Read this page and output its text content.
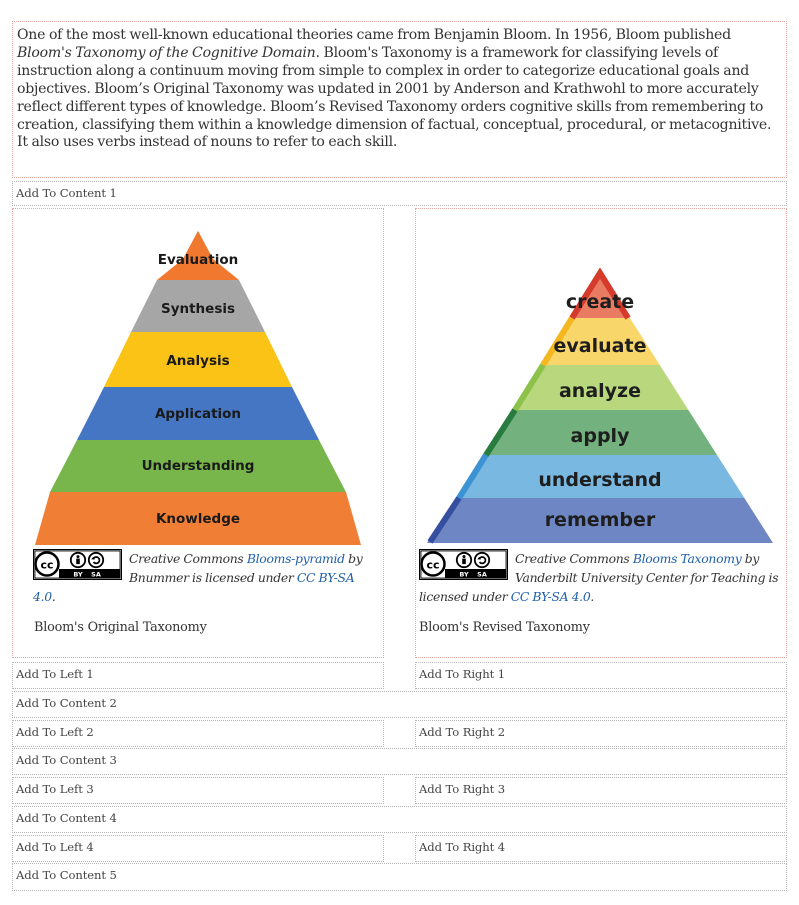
One of the most well-known educational theories came from Benjamin Bloom. In 1956, Bloom published Bloom's Taxonomy of the Cognitive Domain. Bloom's Taxonomy is a framework for classifying levels of instruction along a continuum moving from simple to complex in order to categorize educational goals and objectives. Bloom’s Original Taxonomy was updated in 2001 by Anderson and Krathwohl to more accurately reflect different types of knowledge. Bloom’s Revised Taxonomy orders cognitive skills from remembering to creation, classifying them within a knowledge dimension of factual, conceptual, procedural, or metacognitive. It also uses verbs instead of nouns to refer to each skill.

Add To Content 1
Evaluation
Synthesis
Analysis
Application
Understanding
Knowledge
cc
BY SA
Creative Commons Blooms-pyramid by Bnummer is licensed under CC BY-SA 4.0.
Bloom's Original Taxonomy
create
evaluate
analyze
apply
understand
remember
cc
BY SA
Creative Commons Blooms Taxonomy by Vanderbilt University Center for Teaching is licensed under CC BY-SA 4.0.
Bloom's Revised Taxonomy
Add To Left 1	Add To Right 1
Add To Content 2
Add To Left 2	Add To Right 2
Add To Content 3
Add To Left 3	Add To Right 3
Add To Content 4
Add To Left 4	Add To Right 4
Add To Content 5
